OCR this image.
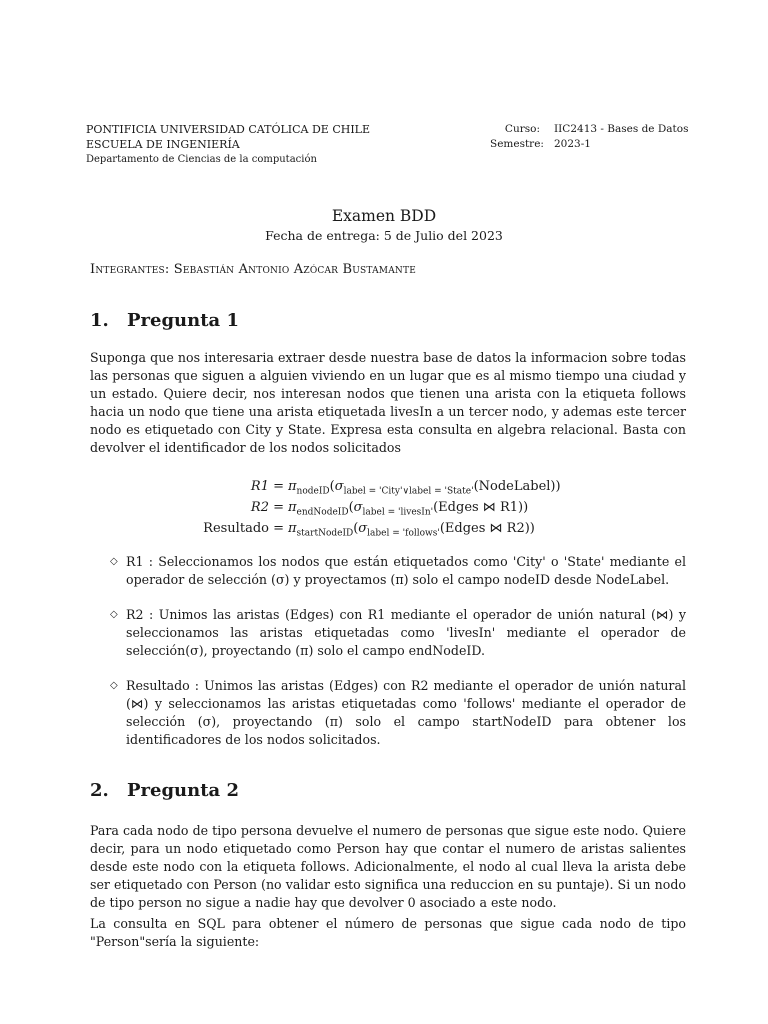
PONTIFICIA UNIVERSIDAD CATÓLICA DE CHILE
ESCUELA DE INGENIERÍA
Departamento de Ciencias de la computación
Curso: IIC2413 - Bases de Datos
Semestre: 2023-1
Examen BDD
Fecha de entrega: 5 de Julio del 2023
Integrantes: Sebastián Antonio Azócar Bustamante
1.	Pregunta 1
Suponga que nos interesaria extraer desde nuestra base de datos la informacion sobre todas las personas que siguen a alguien viviendo en un lugar que es al mismo tiempo una ciudad y un estado. Quiere decir, nos interesan nodos que tienen una arista con la etiqueta follows hacia un nodo que tiene una arista etiquetada livesIn a un tercer nodo, y ademas este tercer nodo es etiquetado con City y State. Expresa esta consulta en algebra relacional. Basta con devolver el identificador de los nodos solicitados
$R1 = \pi_{nodeID}(\sigma_{label = 'City'\vee label = 'State'}(NodeLabel))$
$R2 = \pi_{endNodeID}(\sigma_{label = 'livesIn'}(Edges$ ⋈ R1))
Resultado = $\pi_{startNodeID}(\sigma_{label = 'follows'}(Edges$ ⋈ R2))
◇ R1 : Seleccionamos los nodos que están etiquetados como 'City' o 'State' mediante el operador de selección (σ) y proyectamos (π) solo el campo nodeID desde NodeLabel.
◇ R2 : Unimos las aristas (Edges) con R1 mediante el operador de unión natural (⋈) y seleccionamos las aristas etiquetadas como 'livesIn' mediante el operador de selección(σ), proyectando (π) solo el campo endNodeID.
◇ Resultado : Unimos las aristas (Edges) con R2 mediante el operador de unión natural (⋈) y seleccionamos las aristas etiquetadas como 'follows' mediante el operador de selección (σ), proyectando (π) solo el campo startNodeID para obtener los identificadores de los nodos solicitados.
2.	Pregunta 2
Para cada nodo de tipo persona devuelve el numero de personas que sigue este nodo. Quiere decir, para un nodo etiquetado como Person hay que contar el numero de aristas salientes desde este nodo con la etiqueta follows. Adicionalmente, el nodo al cual lleva la arista debe ser etiquetado con Person (no validar esto significa una reduccion en su puntaje). Si un nodo de tipo person no sigue a nadie hay que devolver 0 asociado a este nodo.
La consulta en SQL para obtener el número de personas que sigue cada nodo de tipo "Person"sería la siguiente:
